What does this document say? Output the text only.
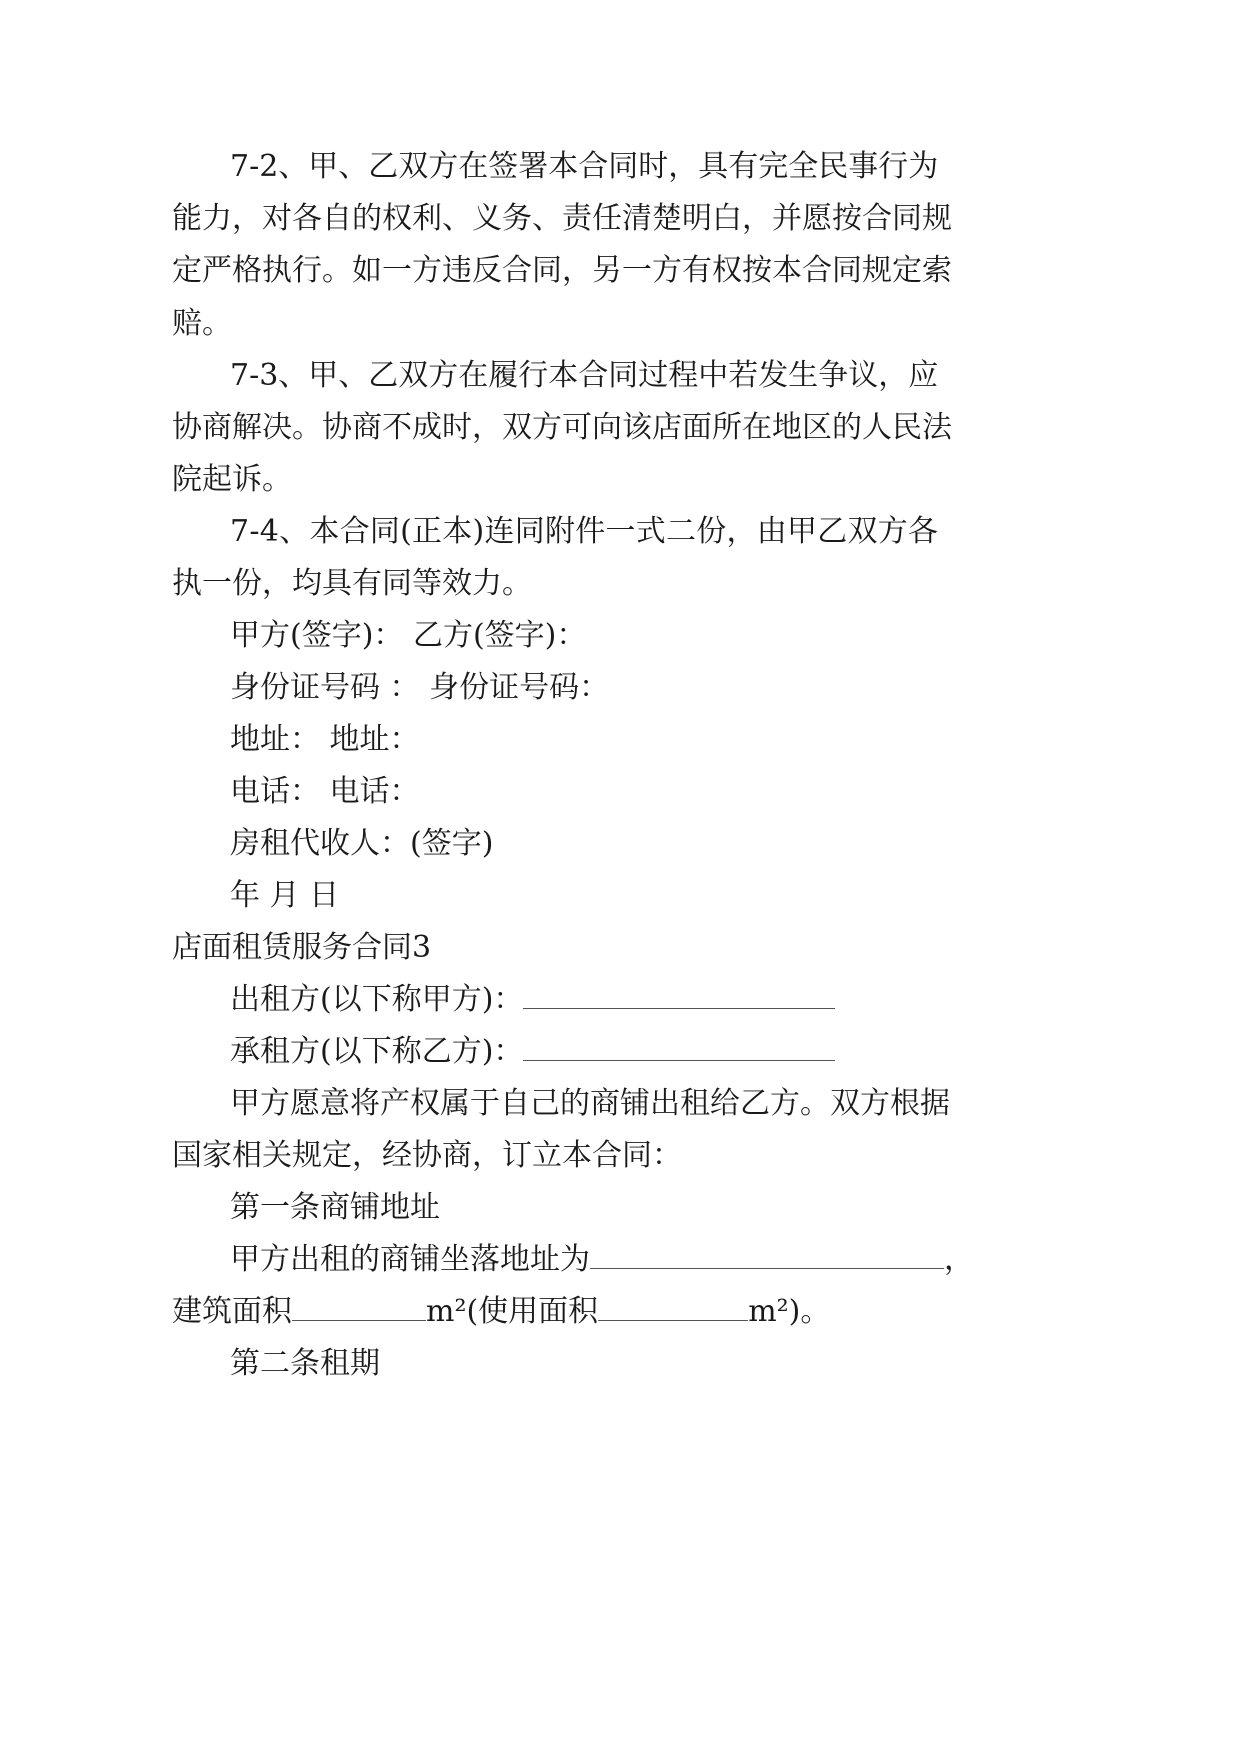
7-2、甲、乙双方在签署本合同时，具有完全民事行为
能力，对各自的权利、义务、责任清楚明白，并愿按合同规
定严格执行。如一方违反合同，另一方有权按本合同规定索
赔。
7-3、甲、乙双方在履行本合同过程中若发生争议，应
协商解决。协商不成时，双方可向该店面所在地区的人民法
院起诉。
7-4、本合同(正本)连同附件一式二份，由甲乙双方各
执一份，均具有同等效力。
甲方(签字)： 乙方(签字)：
身份证号码 ： 身份证号码：
地址： 地址：
电话： 电话：
房租代收人：(签字)
年 月 日
店面租赁服务合同3
出租方(以下称甲方)：
承租方(以下称乙方)：
甲方愿意将产权属于自己的商铺出租给乙方。双方根据
国家相关规定，经协商，订立本合同：
第一条商铺地址
甲方出租的商铺坐落地址为	，
建筑面积	m²(使用面积	m²)。
第二条租期
